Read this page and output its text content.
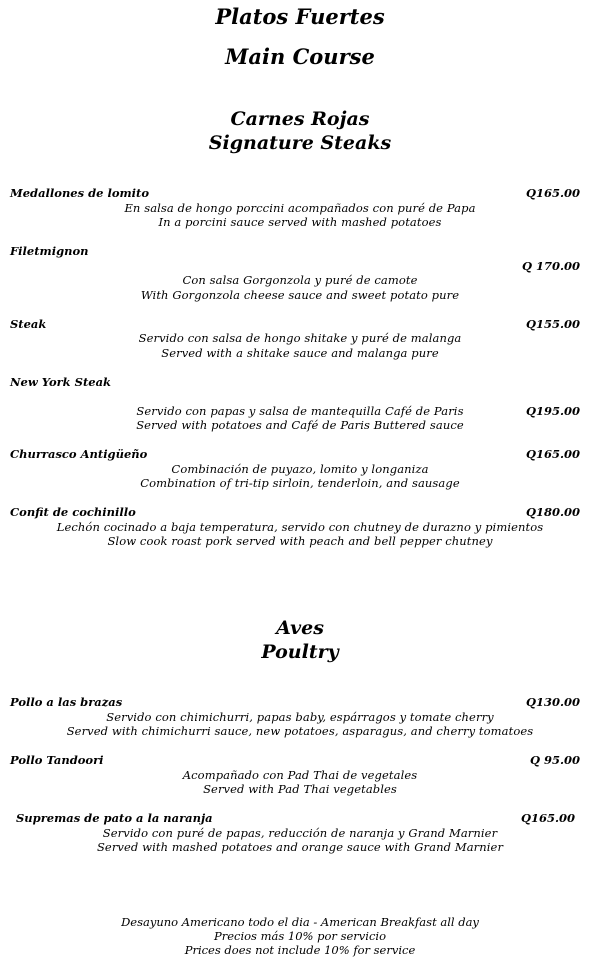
Platos Fuertes
Main Course
Carnes Rojas
Signature Steaks
Medallones de lomito	Q165.00
En salsa de hongo porccini acompañados con puré de Papa
In a porcini sauce served with mashed potatoes
Filetmignon
Q 170.00
Con salsa Gorgonzola y puré de camote
With Gorgonzola cheese sauce and sweet potato pure
Steak	Q155.00
Servido con salsa de hongo shitake y puré de malanga
Served with a shitake sauce and malanga pure
New York Steak
Q195.00
Servido con papas y salsa de mantequilla Café de Paris
Served with potatoes and Café de Paris Buttered sauce
Churrasco Antigüeño	Q165.00
Combinación de puyazo, lomito y longaniza
Combination of tri-tip sirloin, tenderloin, and sausage
Confit de cochinillo	Q180.00
Lechón cocinado a baja temperatura, servido con chutney de durazno y pimientos
Slow cook roast pork served with peach and bell pepper chutney
Aves
Poultry
Pollo a las brazas	Q130.00
Servido con chimichurri, papas baby, espárragos y tomate cherry
Served with chimichurri sauce, new potatoes, asparagus, and cherry tomatoes
Pollo Tandoori	Q 95.00
Acompañado con Pad Thai de vegetales
Served with Pad Thai vegetables
Supremas de pato a la naranja	Q165.00
Servido con puré de papas, reducción de naranja y Grand Marnier
Served with mashed potatoes and orange sauce with Grand Marnier
Desayuno Americano todo el dia - American Breakfast all day
Precios más 10% por servicio
Prices does not include 10% for service
